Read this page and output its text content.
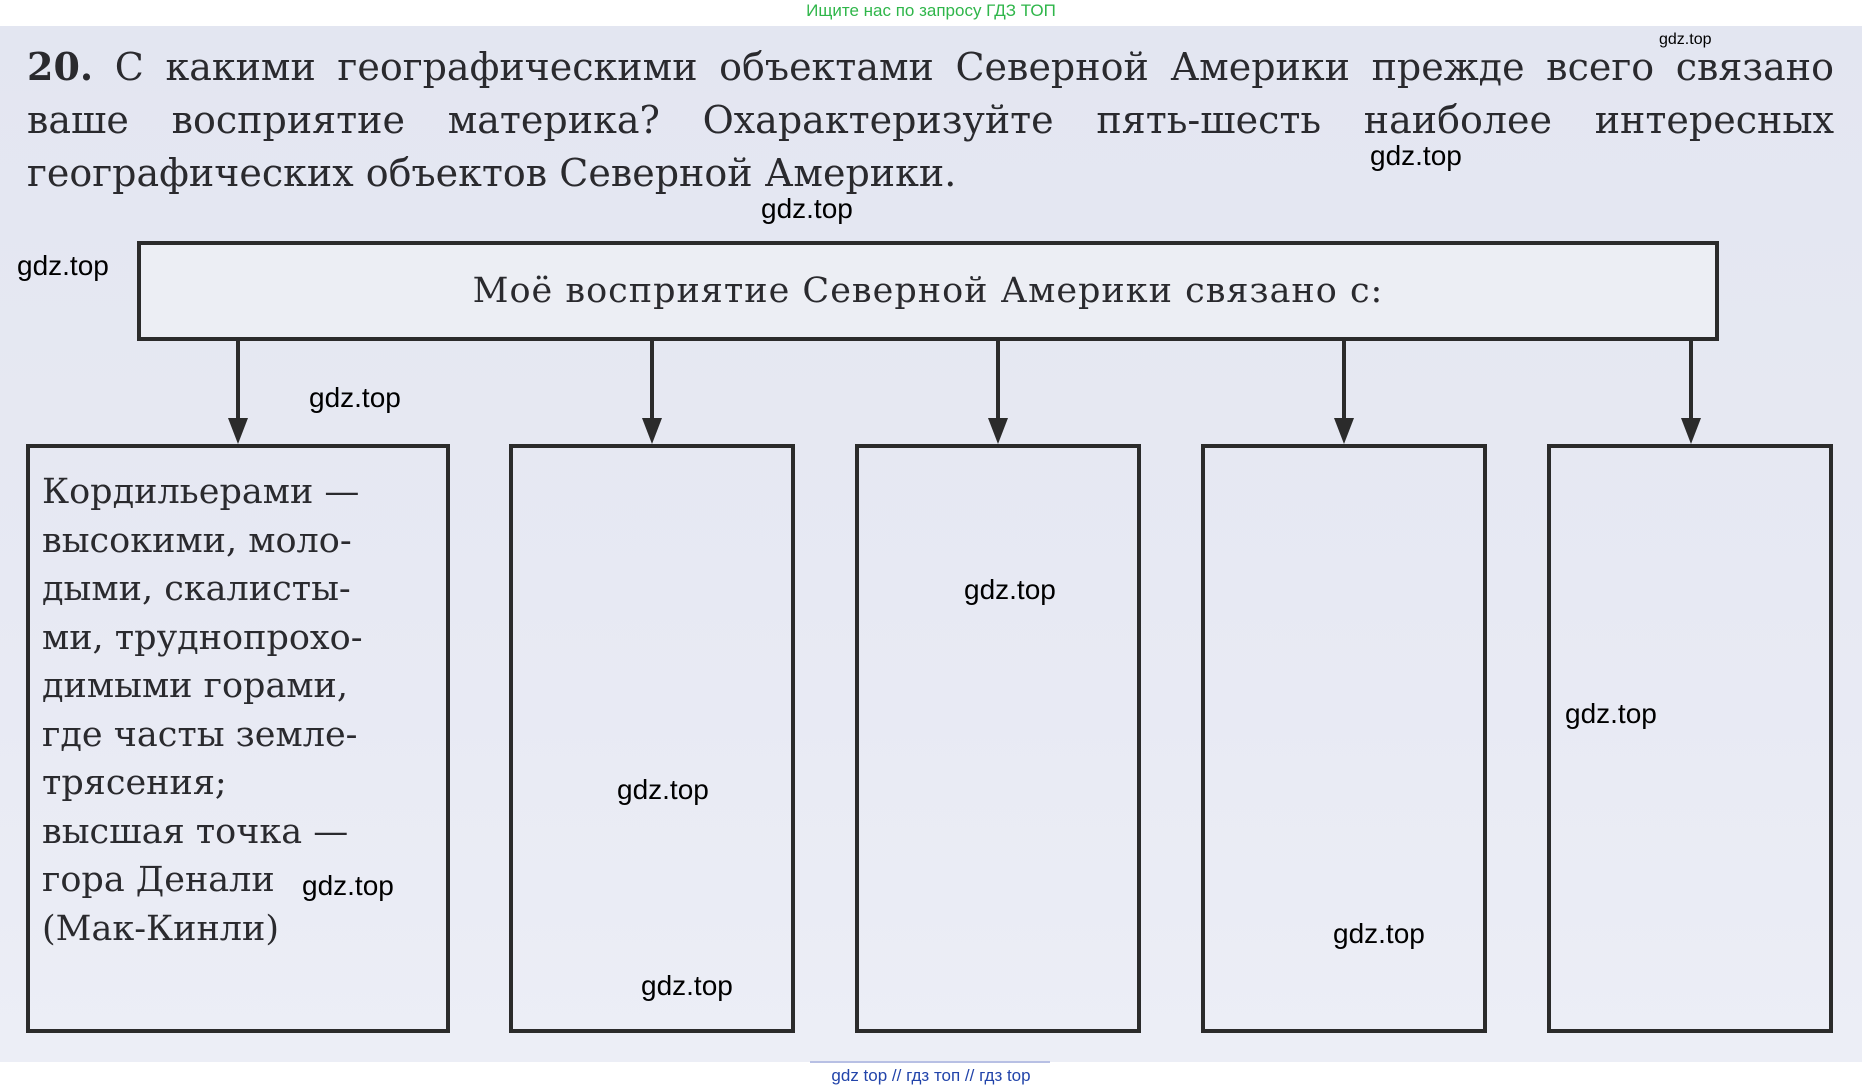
Ищите нас по запросу ГДЗ ТОП
20. С какими географическими объектами Северной Америки прежде всего связано ваше восприятие материка? Охарактеризуйте пять-шесть наиболее интересных географических объектов Северной Америки.
Моё восприятие Северной Америки связано с:
Кордильерами —
высокими, моло-
дыми, скалисты-
ми, труднопрохо-
димыми горами,
где часты земле-
трясения;
высшая точка —
гора Денали
(Мак-Кинли)
gdz.top
gdz.top
gdz.top
gdz.top
gdz.top
gdz.top
gdz.top
gdz.top
gdz.top
gdz.top
gdz.top
gdz top // гдз топ // гдз top
